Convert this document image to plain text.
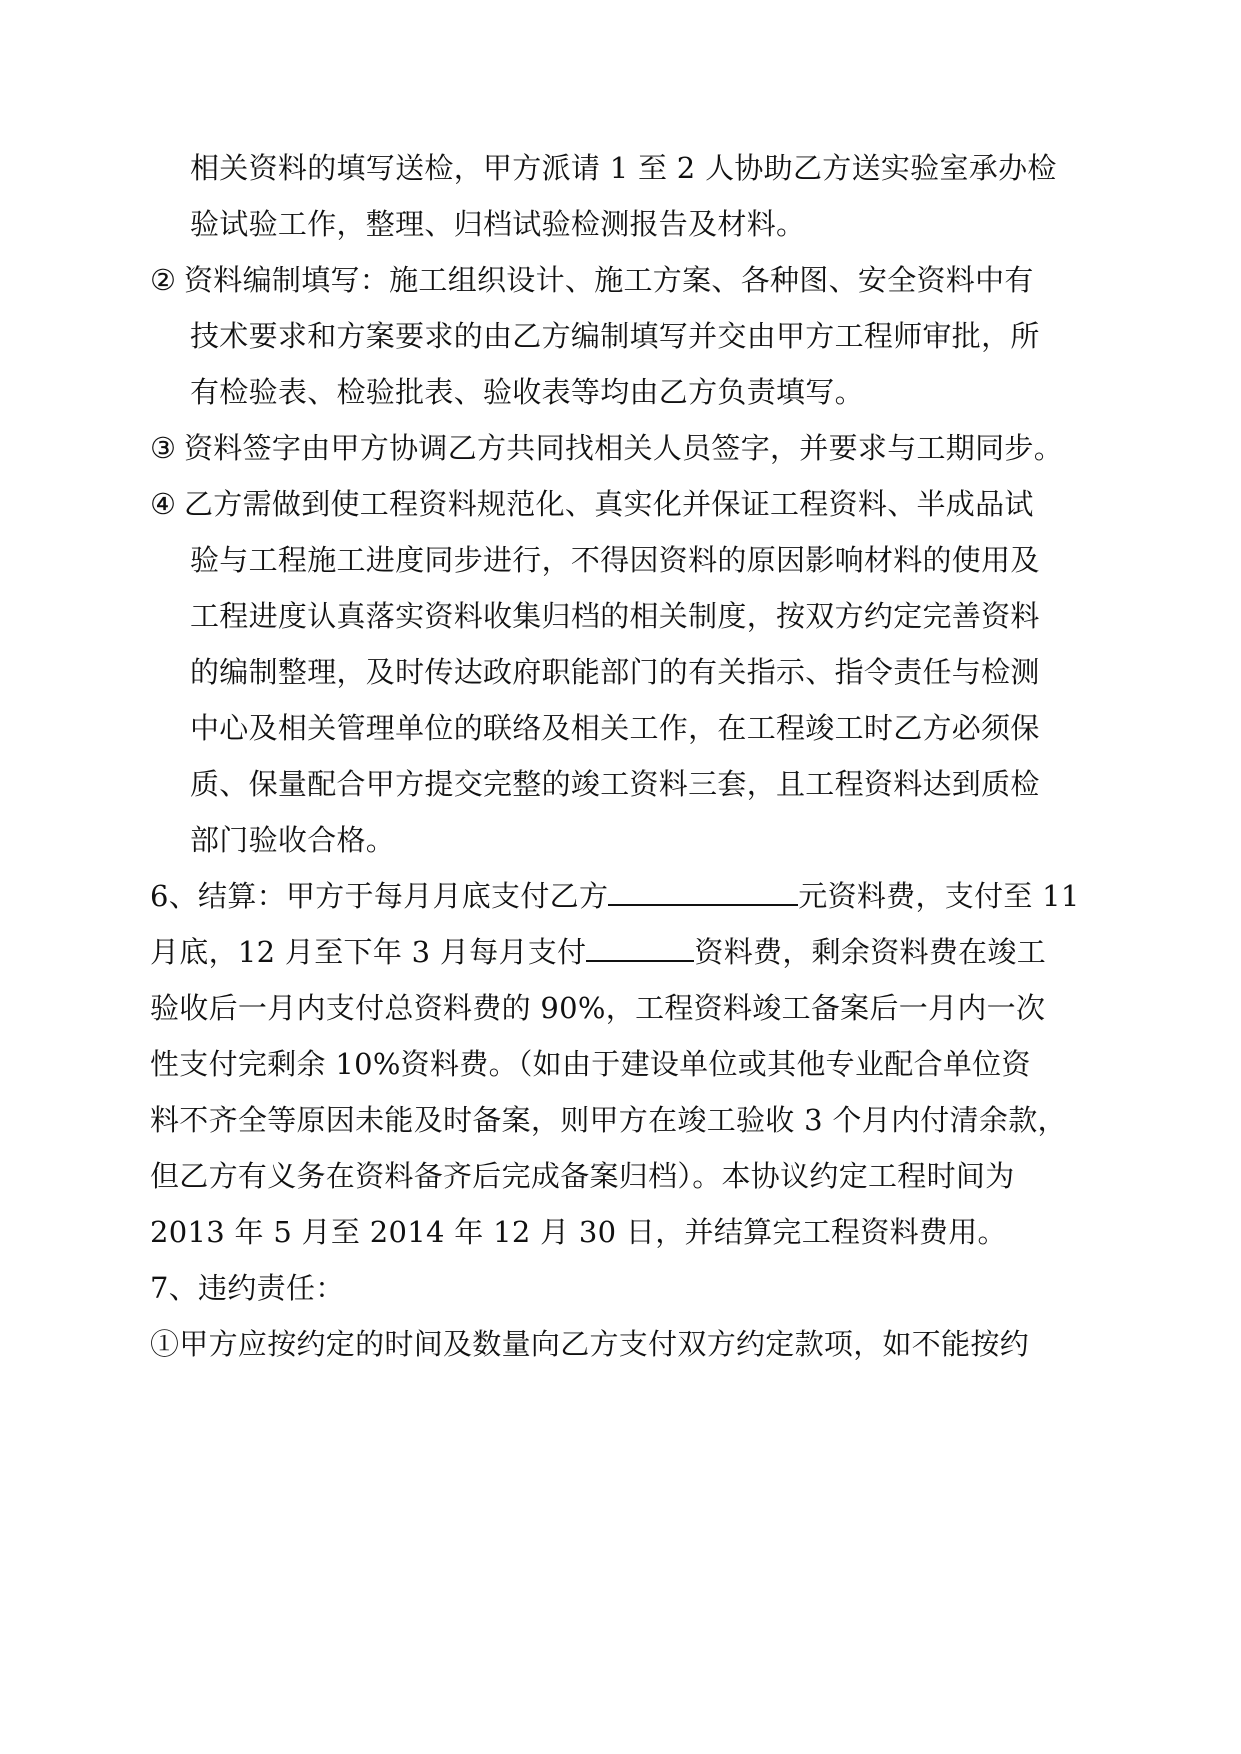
相关资料的填写送检，甲方派请 1 至 2 人协助乙方送实验室承办检
验试验工作，整理、归档试验检测报告及材料。
② 资料编制填写：施工组织设计、施工方案、各种图、安全资料中有
技术要求和方案要求的由乙方编制填写并交由甲方工程师审批，所
有检验表、检验批表、验收表等均由乙方负责填写。
③ 资料签字由甲方协调乙方共同找相关人员签字，并要求与工期同步。
④ 乙方需做到使工程资料规范化、真实化并保证工程资料、半成品试
验与工程施工进度同步进行，不得因资料的原因影响材料的使用及
工程进度认真落实资料收集归档的相关制度，按双方约定完善资料
的编制整理，及时传达政府职能部门的有关指示、指令责任与检测
中心及相关管理单位的联络及相关工作，在工程竣工时乙方必须保
质、保量配合甲方提交完整的竣工资料三套，且工程资料达到质检
部门验收合格。
6、结算：甲方于每月月底支付乙方	元资料费，支付至 11
月底，12 月至下年 3 月每月支付	资料费，剩余资料费在竣工
验收后一月内支付总资料费的 90%，工程资料竣工备案后一月内一次
性支付完剩余 10%资料费。（如由于建设单位或其他专业配合单位资
料不齐全等原因未能及时备案，则甲方在竣工验收 3 个月内付清余款，
但乙方有义务在资料备齐后完成备案归档）。本协议约定工程时间为
2013 年 5 月至 2014 年 12 月 30 日，并结算完工程资料费用。
7、违约责任：
①甲方应按约定的时间及数量向乙方支付双方约定款项，如不能按约
